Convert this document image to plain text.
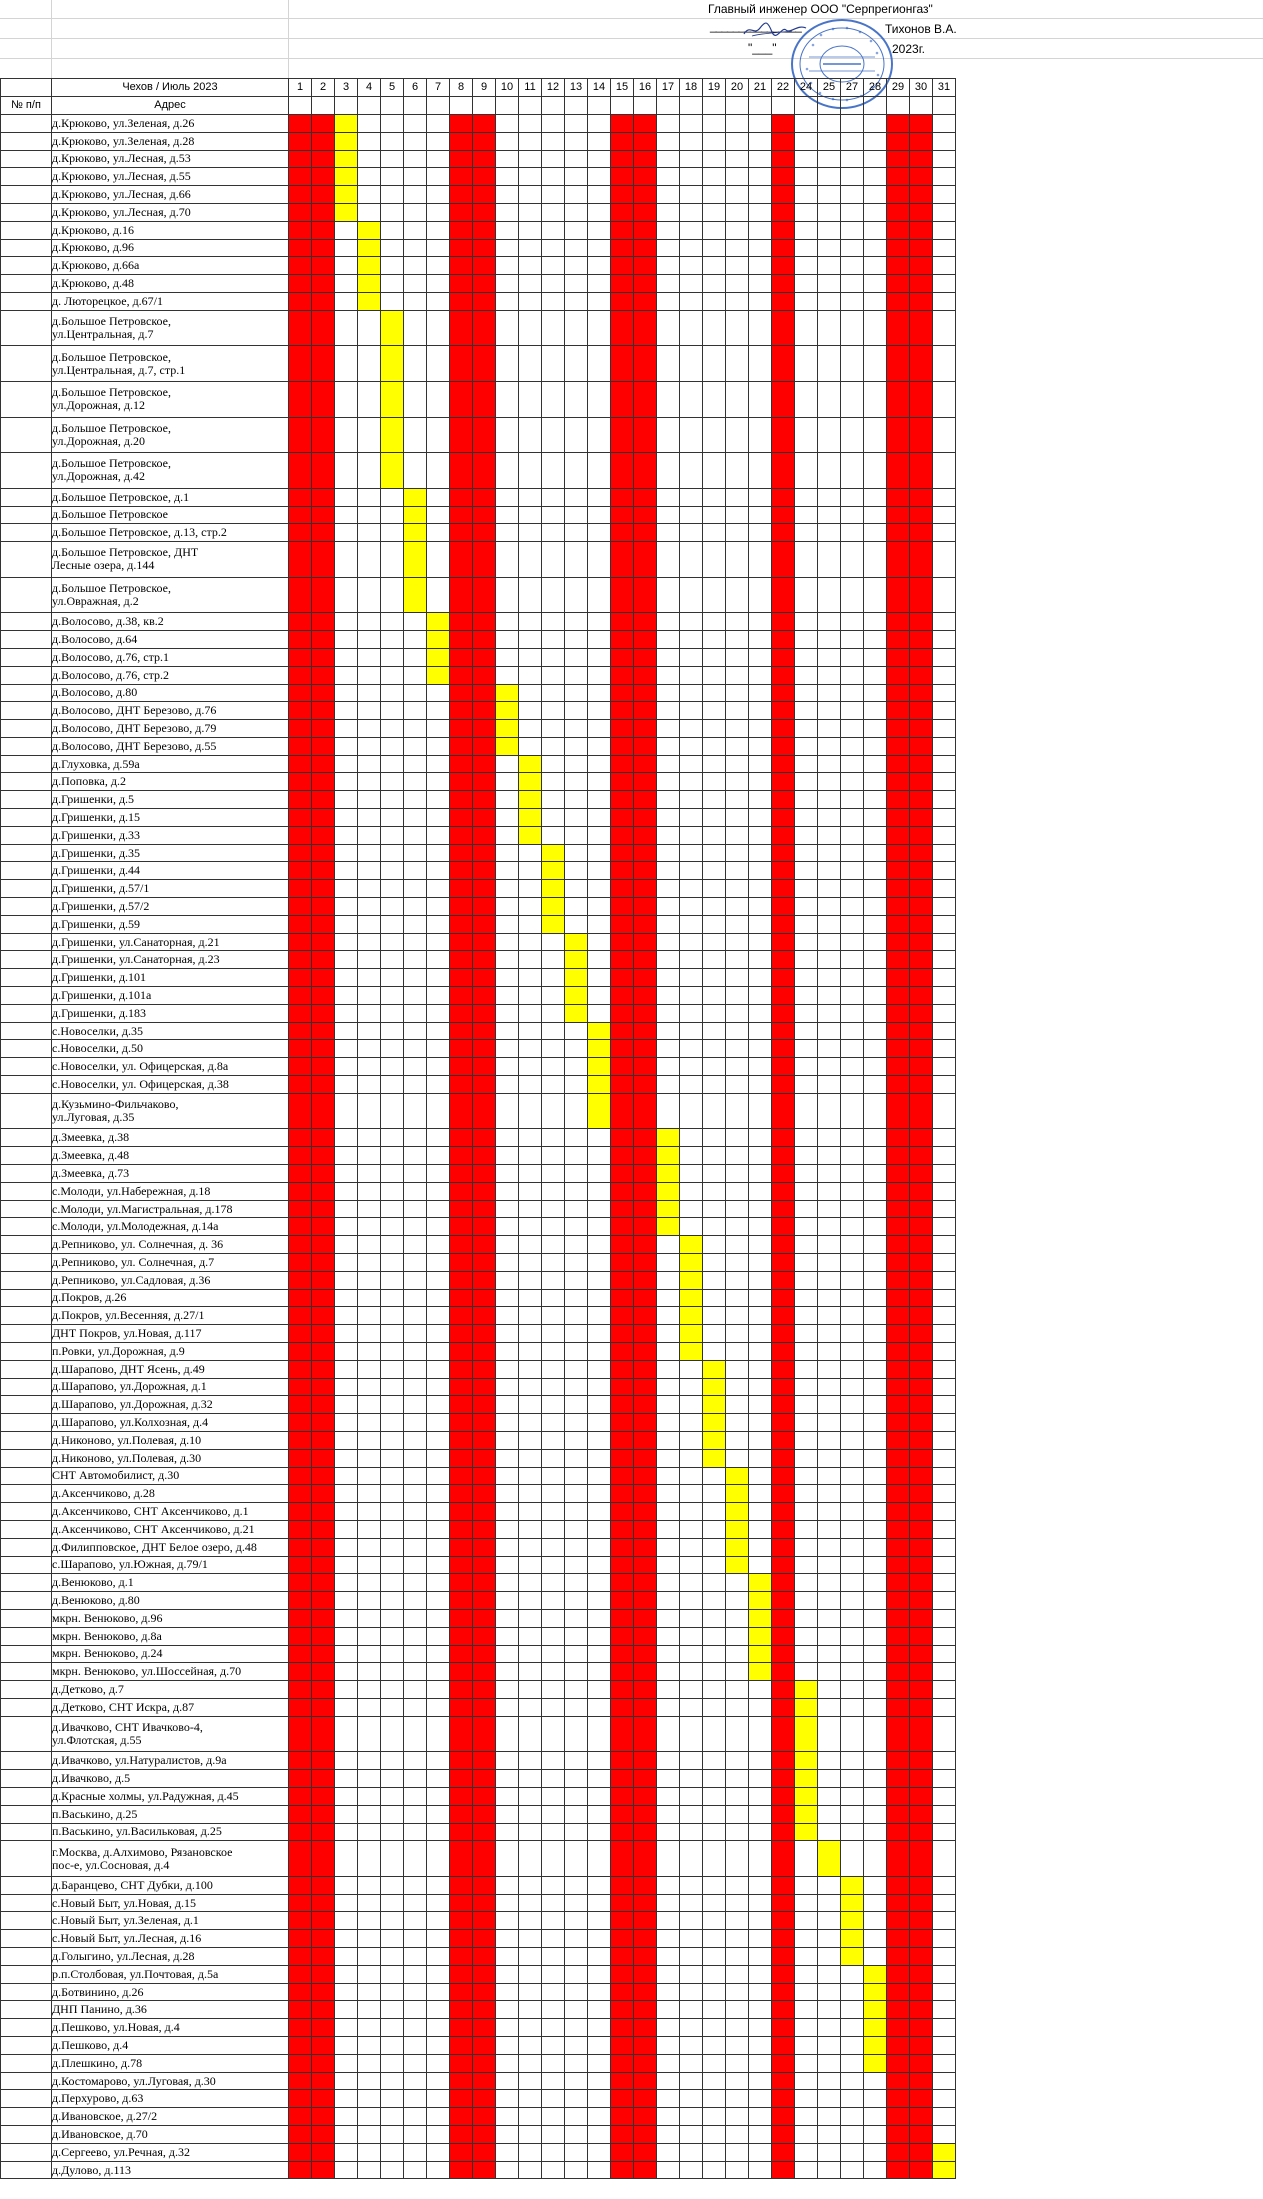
Главный инженер ООО "Серпрегионгаз"
________________	Тихонов В.А.
"___"	2023г.
	Чехов / Июль 2023	1	2	3	4	5	6	7	8	9	10	11	12	13	14	15	16	17	18	19	20	21	22	24	25	27	28	29	30	31
№ п/п	Адрес																													

	д.Крюково, ул.Зеленая, д.26																													

	д.Крюково, ул.Зеленая, д.28																													

	д.Крюково, ул.Лесная, д.53																													

	д.Крюково, ул.Лесная, д.55																													

	д.Крюково, ул.Лесная, д.66																													

	д.Крюково, ул.Лесная, д.70																													

	д.Крюково, д.16																													

	д.Крюково, д.96																													

	д.Крюково, д.66а																													

	д.Крюково, д.48																													

	д. Люторецкое, д.67/1																													

	д.Большое Петровское,
ул.Центральная, д.7																													

	д.Большое Петровское,
ул.Центральная, д.7, стр.1																													

	д.Большое Петровское,
ул.Дорожная, д.12																													

	д.Большое Петровское,
ул.Дорожная, д.20																													

	д.Большое Петровское,
ул.Дорожная, д.42																													

	д.Большое Петровское, д.1																													

	д.Большое Петровское																													

	д.Большое Петровское, д.13, стр.2																													

	д.Большое Петровское, ДНТ
Лесные озера, д.144																													

	д.Большое Петровское,
ул.Овражная, д.2																													

	д.Волосово, д.38, кв.2																													

	д.Волосово, д.64																													

	д.Волосово, д.76, стр.1																													

	д.Волосово, д.76, стр.2																													

	д.Волосово, д.80																													

	д.Волосово, ДНТ Березово, д.76																													

	д.Волосово, ДНТ Березово, д.79																													

	д.Волосово, ДНТ Березово, д.55																													

	д.Глуховка, д.59а																													

	д.Поповка, д.2																													

	д.Гришенки, д.5																													

	д.Гришенки, д.15																													

	д.Гришенки, д.33																													

	д.Гришенки, д.35																													

	д.Гришенки, д.44																													

	д.Гришенки, д.57/1																													

	д.Гришенки, д.57/2																													

	д.Гришенки, д.59																													

	д.Гришенки, ул.Санаторная, д.21																													

	д.Гришенки, ул.Санаторная, д.23																													

	д.Гришенки, д.101																													

	д.Гришенки, д.101а																													

	д.Гришенки, д.183																													

	с.Новоселки, д.35																													

	с.Новоселки, д.50																													

	с.Новоселки, ул. Офицерская, д.8а																													

	с.Новоселки, ул. Офицерская, д.38																													

	д.Кузьмино-Фильчаково,
ул.Луговая, д.35																													

	д.Змеевка, д.38																													

	д.Змеевка, д.48																													

	д.Змеевка, д.73																													

	с.Молоди, ул.Набережная, д.18																													

	с.Молоди, ул.Магистральная, д.178																													

	с.Молоди, ул.Молодежная, д.14а																													

	д.Репниково, ул. Солнечная, д. 36																													

	д.Репниково, ул. Солнечная, д.7																													

	д.Репниково, ул.Садловая, д.36																													

	д.Покров, д.26																													

	д.Покров, ул.Весенняя, д.27/1																													

	ДНТ Покров, ул.Новая, д.117																													

	п.Ровки, ул.Дорожная, д.9																													

	д.Шарапово, ДНТ Ясень, д.49																													

	д.Шарапово, ул.Дорожная, д.1																													

	д.Шарапово, ул.Дорожная, д.32																													

	д.Шарапово, ул.Колхозная, д.4																													

	д.Никоново, ул.Полевая, д.10																													

	д.Никоново, ул.Полевая, д.30																													

	СНТ Автомобилист, д.30																													

	д.Аксенчиково, д.28																													

	д.Аксенчиково, СНТ Аксенчиково, д.1																													

	д.Аксенчиково, СНТ Аксенчиково, д.21																													

	д.Филипповское, ДНТ Белое озеро, д.48																													

	с.Шарапово, ул.Южная, д.79/1																													

	д.Венюково, д.1																													

	д.Венюково, д.80																													

	мкрн. Венюково, д.96																													

	мкрн. Венюково, д.8а																													

	мкрн. Венюково, д.24																													

	мкрн. Венюково, ул.Шоссейная, д.70																													

	д.Детково, д.7																													

	д.Детково, СНТ Искра, д.87																													

	д.Ивачково, СНТ Ивачково-4,
ул.Флотская, д.55																													

	д.Ивачково, ул.Натуралистов, д.9а																													

	д.Ивачково, д.5																													

	д.Красные холмы, ул.Радужная, д.45																													

	п.Васькино, д.25																													

	п.Васькино, ул.Васильковая, д.25																													

	г.Москва, д.Алхимово, Рязановское
пос-е, ул.Сосновая, д.4																													

	д.Баранцево, СНТ Дубки, д.100																													

	с.Новый Быт, ул.Новая, д.15																													

	с.Новый Быт, ул.Зеленая, д.1																													

	с.Новый Быт, ул.Лесная, д.16																													

	д.Голыгино, ул.Лесная, д.28																													

	р.п.Столбовая, ул.Почтовая, д.5а																													

	д.Ботвинино, д.26																													

	ДНП Панино, д.36																													

	д.Пешково, ул.Новая, д.4																													

	д.Пешково, д.4																													

	д.Плешкино, д.78																													

	д.Костомарово, ул.Луговая, д.30																													

	д.Перхурово, д.63																													

	д.Ивановское, д.27/2																													

	д.Ивановское, д.70																													

	д.Сергеево, ул.Речная, д.32																													

	д.Дулово, д.113																													
